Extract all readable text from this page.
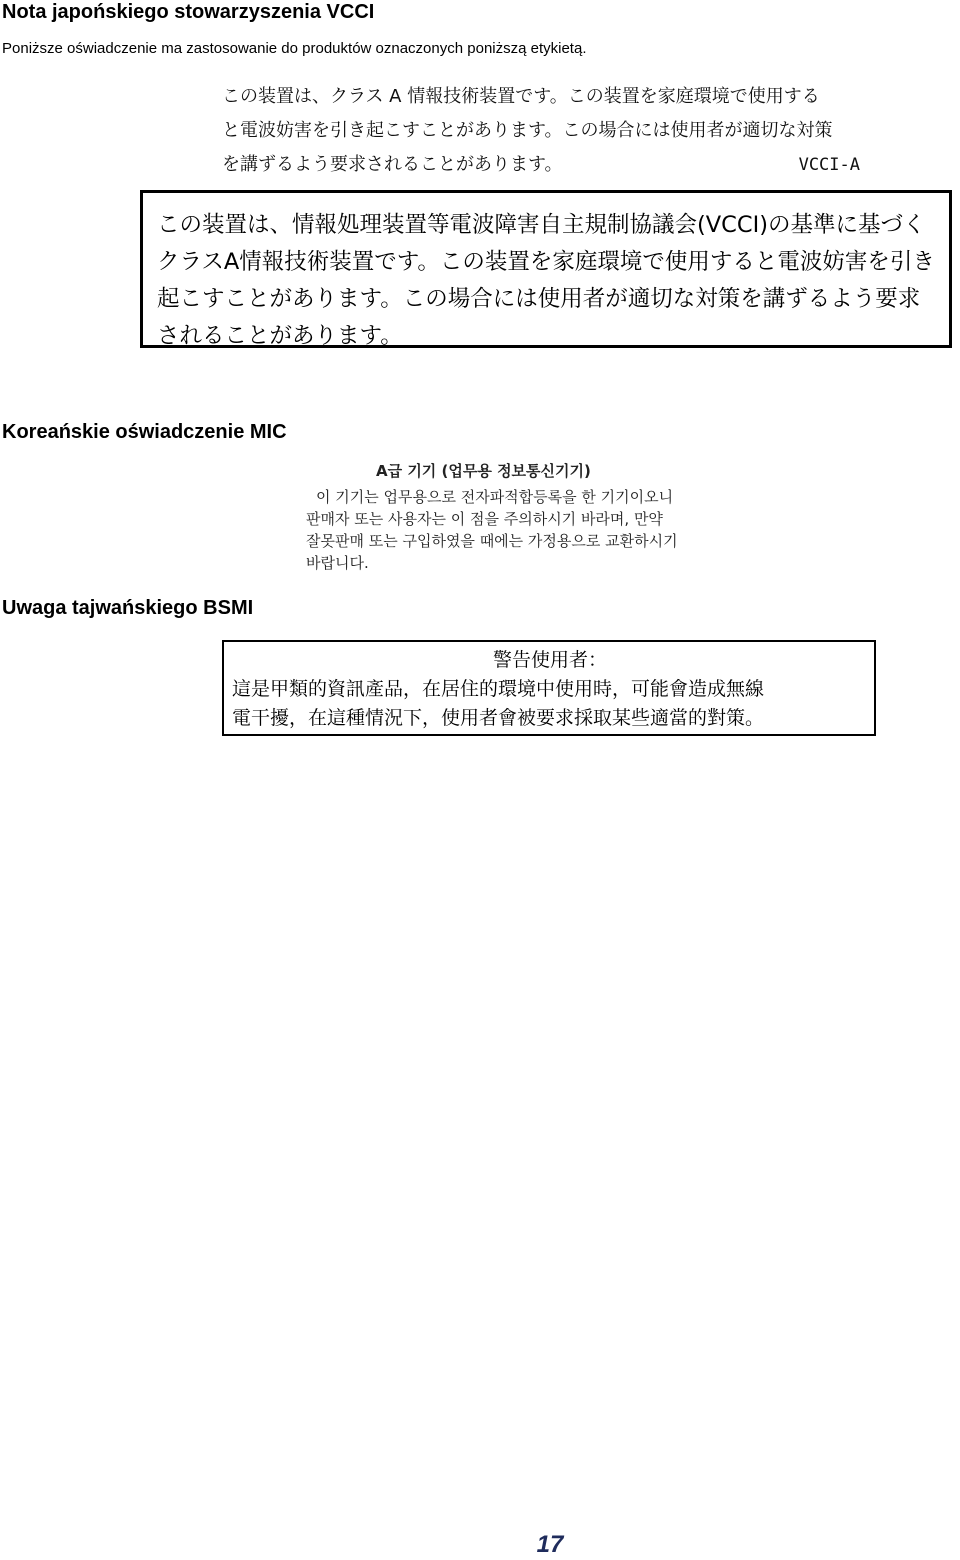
Nota japońskiego stowarzyszenia VCCI

Poniższe oświadczenie ma zastosowanie do produktów oznaczonych poniższą etykietą.

この装置は、クラス A 情報技術装置です。この装置を家庭環境で使用する
と電波妨害を引き起こすことがあります。この場合には使用者が適切な対策
を講ずるよう要求されることがあります。	VCCI-A
この装置は、情報処理装置等電波障害自主規制協議会(VCCI)の基準に基づく
クラスA情報技術装置です。この装置を家庭環境で使用すると電波妨害を引き
起こすことがあります。この場合には使用者が適切な対策を講ずるよう要求
されることがあります。
Koreańskie oświadczenie MIC
A급 기기 (업무용 정보통신기기)
이 기기는 업무용으로 전자파적합등록을 한 기기이오니
판매자 또는 사용자는 이 점을 주의하시기 바라며, 만약
잘못판매 또는 구입하였을 때에는 가정용으로 교환하시기
바랍니다.
Uwaga tajwańskiego BSMI
警告使用者：
這是甲類的資訊產品，在居住的環境中使用時，可能會造成無線
電干擾，在這種情況下，使用者會被要求採取某些適當的對策。
17
